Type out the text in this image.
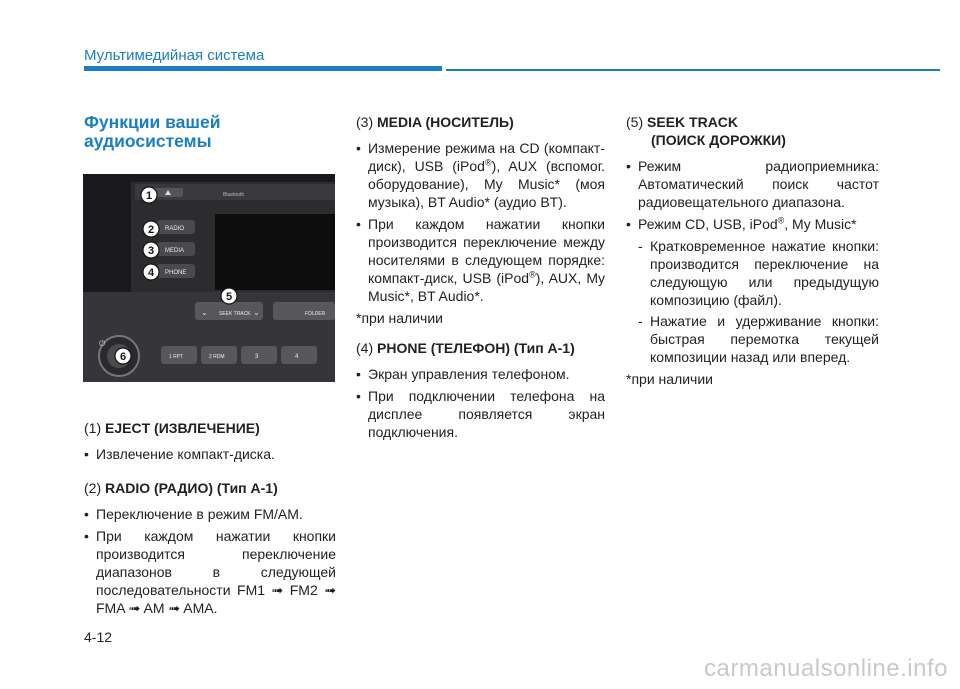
Мультимедийная система
Функции вашей аудиосистемы
Bluetooth
RADIO
MEDIA
PHONE
⌄ SEEK TRACK ⌄	FOLDER
1 RPT	2 RDM	3	4
⏻
1
2
3
4
5
6

(1) EJECT (ИЗВЛЕЧЕНИЕ)

• Извлечение компакт-диска.

(2) RADIO (РАДИО) (Тип A-1)

• Переключение в режим FM/AM.

• При каждом нажатии кнопки производится переключение диапазонов в следующей последовательности FM1 ➟ FM2 ➟ FMA ➟ AM ➟ AMA.

(3) MEDIA (НОСИТЕЛЬ)

• Измерение режима на CD (компакт-диск), USB (iPod®), AUX (вспомог. оборудование), My Music* (моя музыка), BT Audio* (аудио BT).

• При каждом нажатии кнопки производится переключение между носителями в следующем порядке: компакт-диск, USB (iPod®), AUX, My Music*, BT Audio*.

*при наличии

(4) PHONE (ТЕЛЕФОН) (Тип A-1)

• Экран управления телефоном.

• При подключении телефона на дисплее появляется экран подключения.

(5) SEEK TRACK
(ПОИСК ДОРОЖКИ)

• Режим радиоприемника: Автоматический поиск частот радиовещательного диапазона.

• Режим CD, USB, iPod®, My Music*

- Кратковременное нажатие кнопки: производится переключение на следующую или предыдущую композицию (файл).

- Нажатие и удерживание кнопки: быстрая перемотка текущей композиции назад или вперед.

*при наличии

4-12
carmanualsonline.info
